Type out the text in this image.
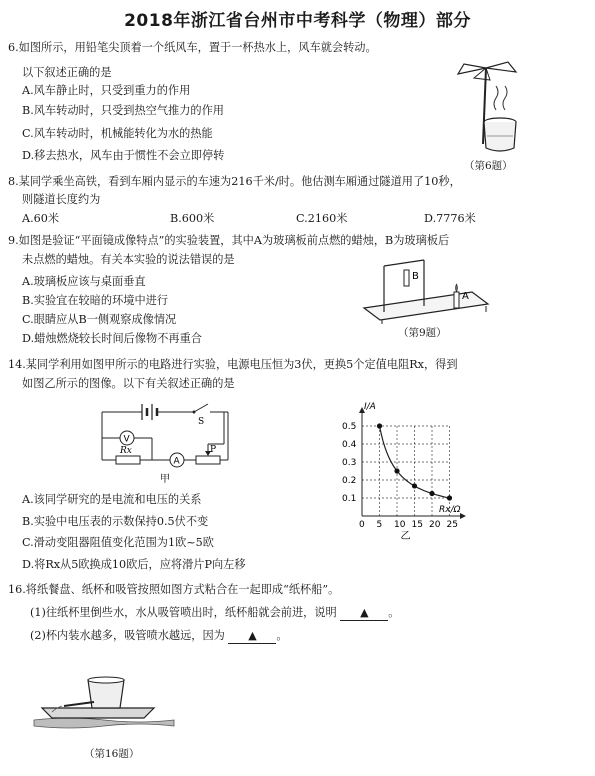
2018年浙江省台州市中考科学（物理）部分
6.如图所示，用铅笔尖顶着一个纸风车，置于一杯热水上，风车就会转动。
以下叙述正确的是
A.风车静止时，只受到重力的作用
B.风车转动时，只受到热空气推力的作用
C.风车转动时，机械能转化为水的热能
D.移去热水，风车由于惯性不会立即停转
（第6题）
8.某同学乘坐高铁，看到车厢内显示的车速为216千米/时。他估测车厢通过隧道用了10秒，
则隧道长度约为
A.60米	B.600米	C.2160米	D.7776米
9.如图是验证“平面镜成像特点”的实验装置，其中A为玻璃板前点燃的蜡烛，B为玻璃板后
未点燃的蜡烛。有关本实验的说法错误的是
A.玻璃板应该与桌面垂直
B.实验宜在较暗的环境中进行
C.眼睛应从B一侧观察成像情况
D.蜡烛燃烧较长时间后像物不再重合
B
A
（第9题）
14.某同学利用如图甲所示的电路进行实验，电源电压恒为3伏，更换5个定值电阻Rx，得到
如图乙所示的图像。以下有关叙述正确的是
S
V
Rx
A
P
甲
0 5 10 15 20 25
0.1
0.2
0.3
0.4
0.5
I/A
Rx/Ω
乙
A.该同学研究的是电流和电压的关系
B.实验中电压表的示数保持0.5伏不变
C.滑动变阻器阻值变化范围为1欧~5欧
D.将Rx从5欧换成10欧后，应将滑片P向左移
16.将纸餐盘、纸杯和吸管按照如图方式粘合在一起即成“纸杯船”。
(1)往纸杯里倒些水，水从吸管喷出时，纸杯船就会前进，说明 ▲ 。
(2)杯内装水越多，吸管喷水越远，因为 ▲ 。
（第16题）
